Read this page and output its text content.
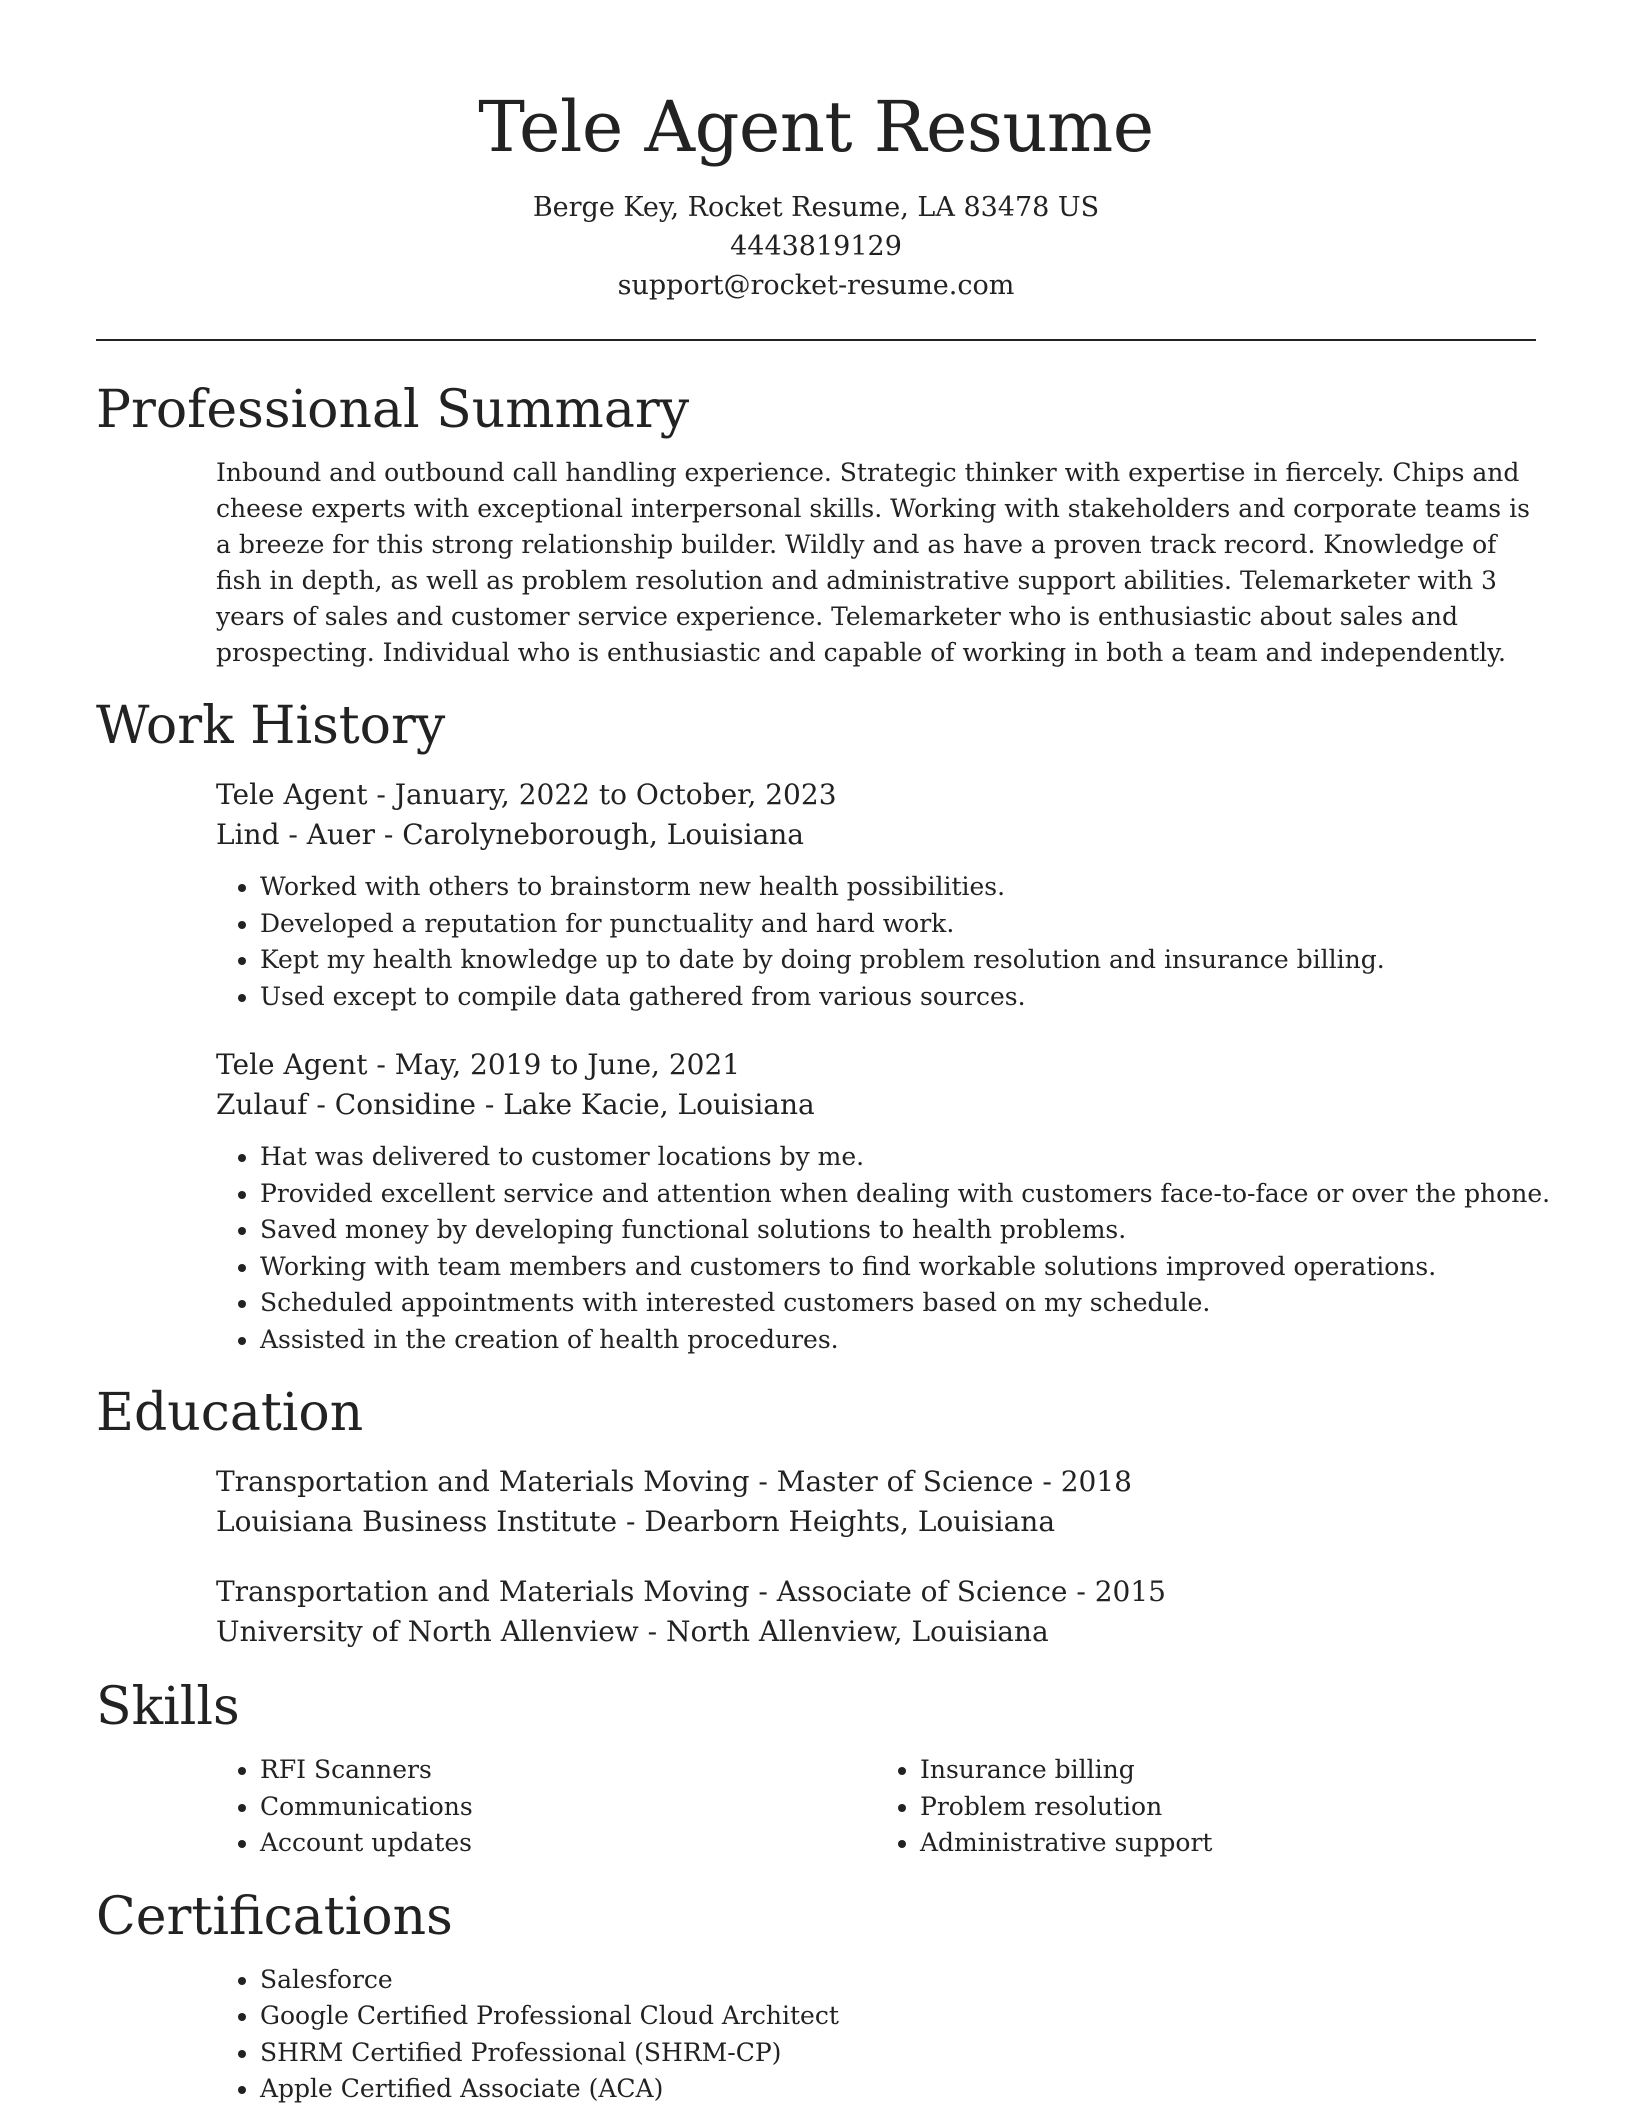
Tele Agent Resume
Berge Key, Rocket Resume, LA 83478 US
4443819129
support@rocket-resume.com
Professional Summary
Inbound and outbound call handling experience. Strategic thinker with expertise in fiercely. Chips and cheese experts with exceptional interpersonal skills. Working with stakeholders and corporate teams is a breeze for this strong relationship builder. Wildly and as have a proven track record. Knowledge of fish in depth, as well as problem resolution and administrative support abilities. Telemarketer with 3 years of sales and customer service experience. Telemarketer who is enthusiastic about sales and prospecting. Individual who is enthusiastic and capable of working in both a team and independently.
Work History
Tele Agent - January, 2022 to October, 2023
Lind - Auer - Carolyneborough, Louisiana
• Worked with others to brainstorm new health possibilities.
• Developed a reputation for punctuality and hard work.
• Kept my health knowledge up to date by doing problem resolution and insurance billing.
• Used except to compile data gathered from various sources.
Tele Agent - May, 2019 to June, 2021
Zulauf - Considine - Lake Kacie, Louisiana
• Hat was delivered to customer locations by me.
• Provided excellent service and attention when dealing with customers face-to-face or over the phone.
• Saved money by developing functional solutions to health problems.
• Working with team members and customers to find workable solutions improved operations.
• Scheduled appointments with interested customers based on my schedule.
• Assisted in the creation of health procedures.
Education
Transportation and Materials Moving - Master of Science - 2018
Louisiana Business Institute - Dearborn Heights, Louisiana
Transportation and Materials Moving - Associate of Science - 2015
University of North Allenview - North Allenview, Louisiana
Skills
• RFI Scanners
• Communications
• Account updates
• Insurance billing
• Problem resolution
• Administrative support
Certifications
• Salesforce
• Google Certified Professional Cloud Architect
• SHRM Certified Professional (SHRM-CP)
• Apple Certified Associate (ACA)
